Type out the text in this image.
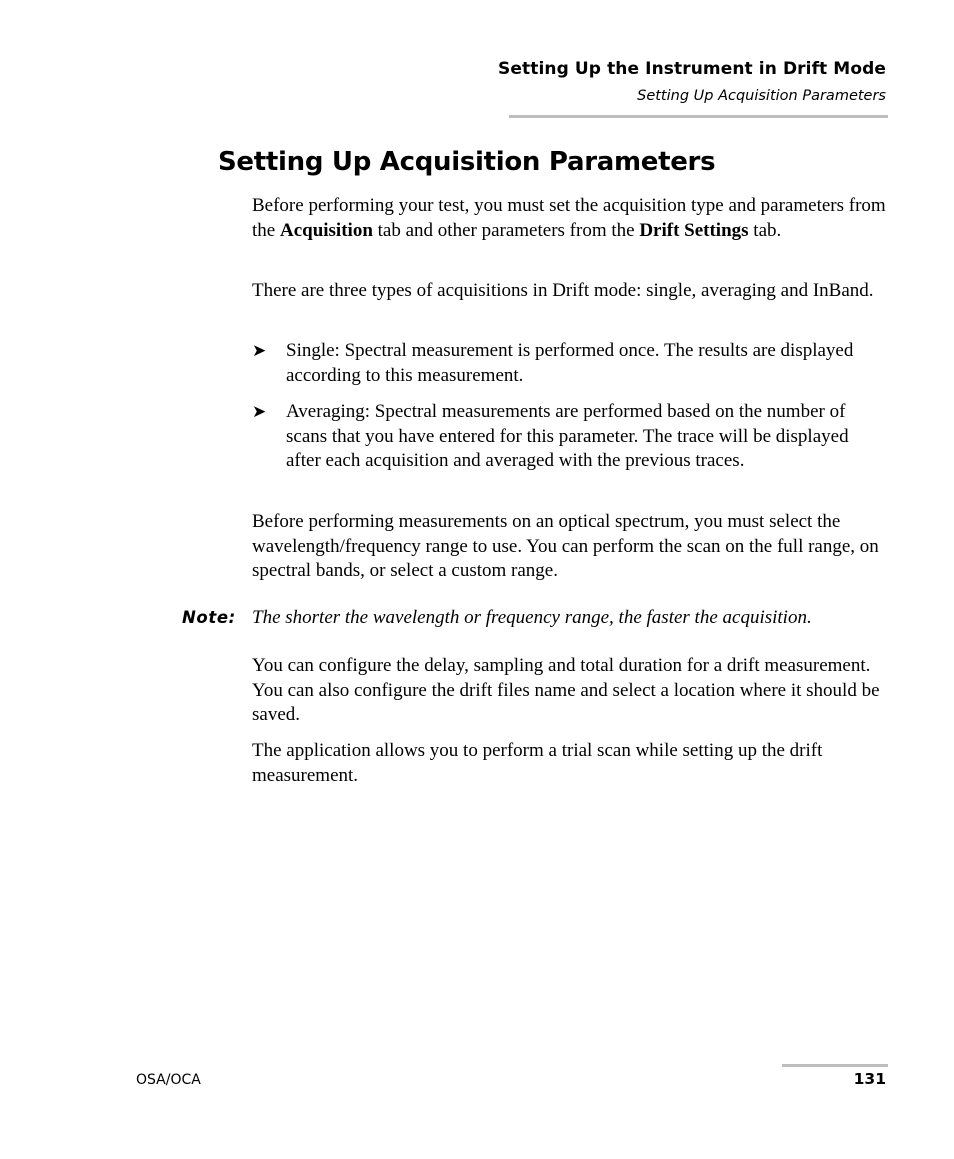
Setting Up the Instrument in Drift Mode
Setting Up Acquisition Parameters
Setting Up Acquisition Parameters

Before performing your test, you must set the acquisition type and parameters from the Acquisition tab and other parameters from the Drift Settings tab.

There are three types of acquisitions in Drift mode: single, averaging and InBand.

➤ Single: Spectral measurement is performed once. The results are displayed according to this measurement.
➤ Averaging: Spectral measurements are performed based on the number of scans that you have entered for this parameter. The trace will be displayed after each acquisition and averaged with the previous traces.

Before performing measurements on an optical spectrum, you must select the wavelength/frequency range to use. You can perform the scan on the full range, on spectral bands, or select a custom range.

Note: The shorter the wavelength or frequency range, the faster the acquisition.

You can configure the delay, sampling and total duration for a drift measurement. You can also configure the drift files name and select a location where it should be saved.

The application allows you to perform a trial scan while setting up the drift measurement.

OSA/OCA	131
